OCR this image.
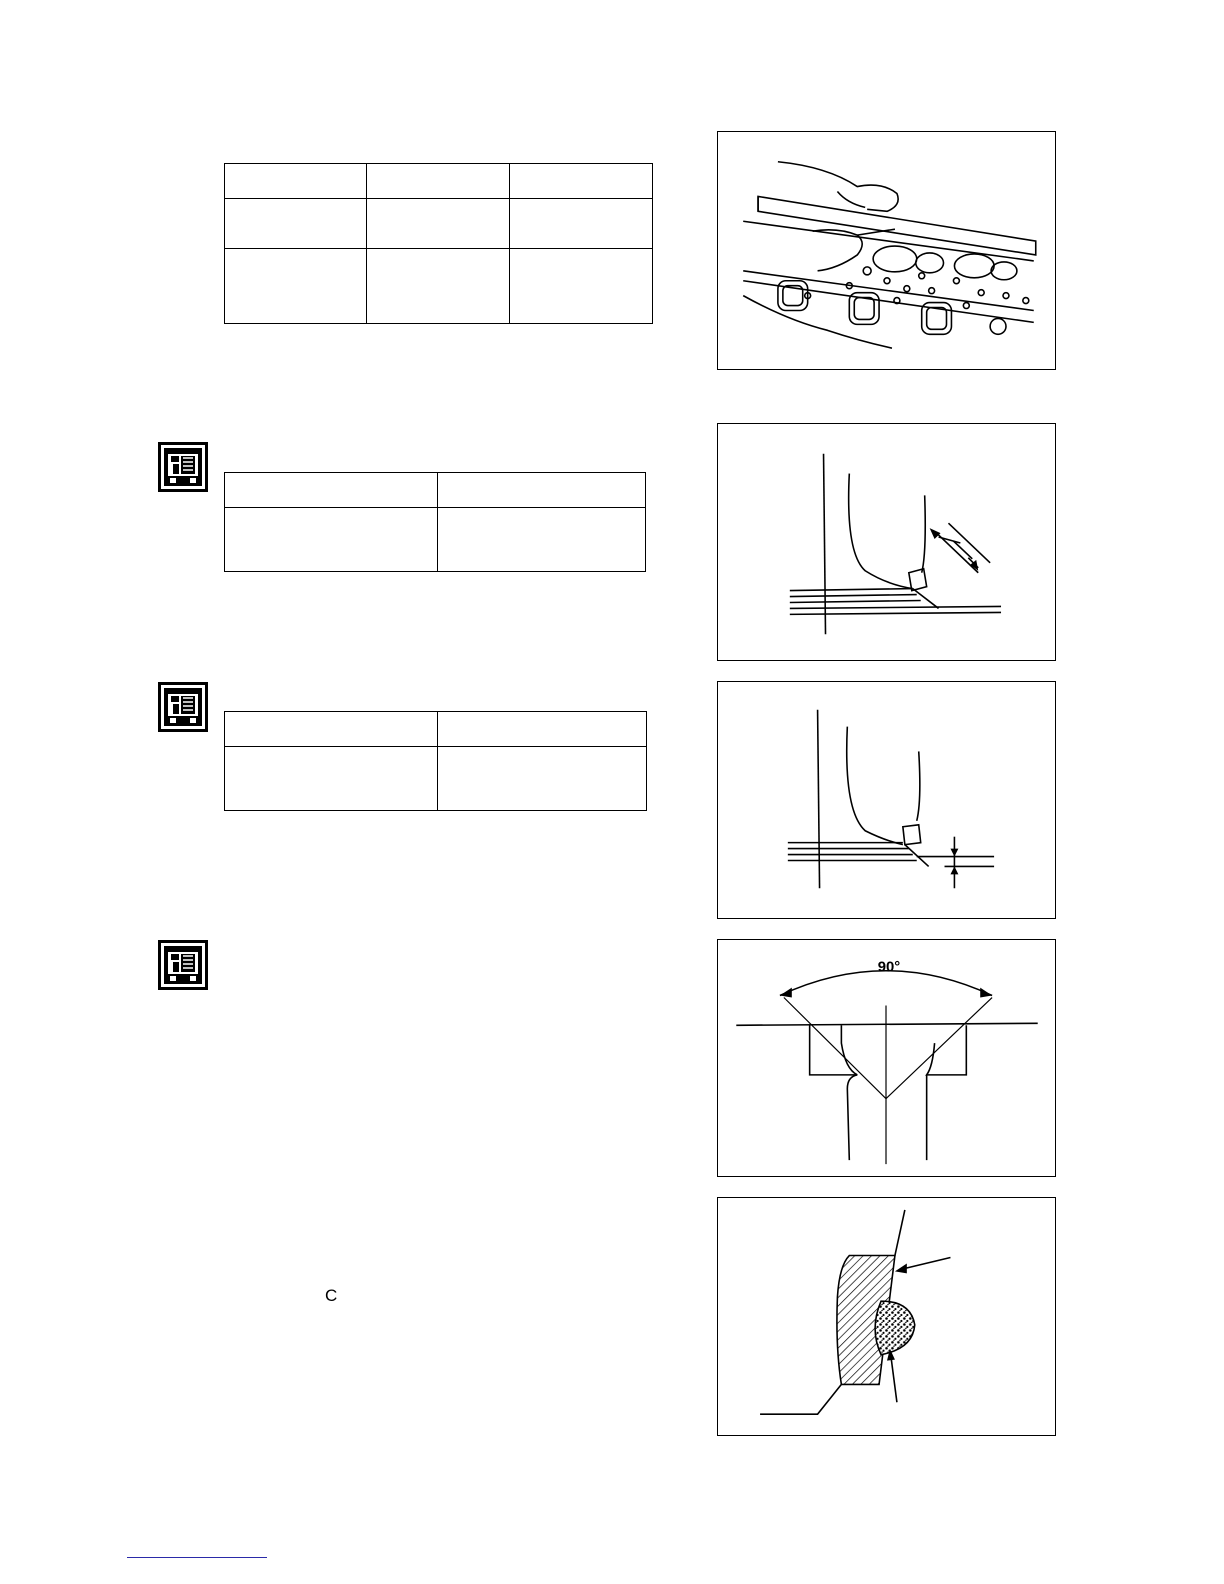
C
90°
